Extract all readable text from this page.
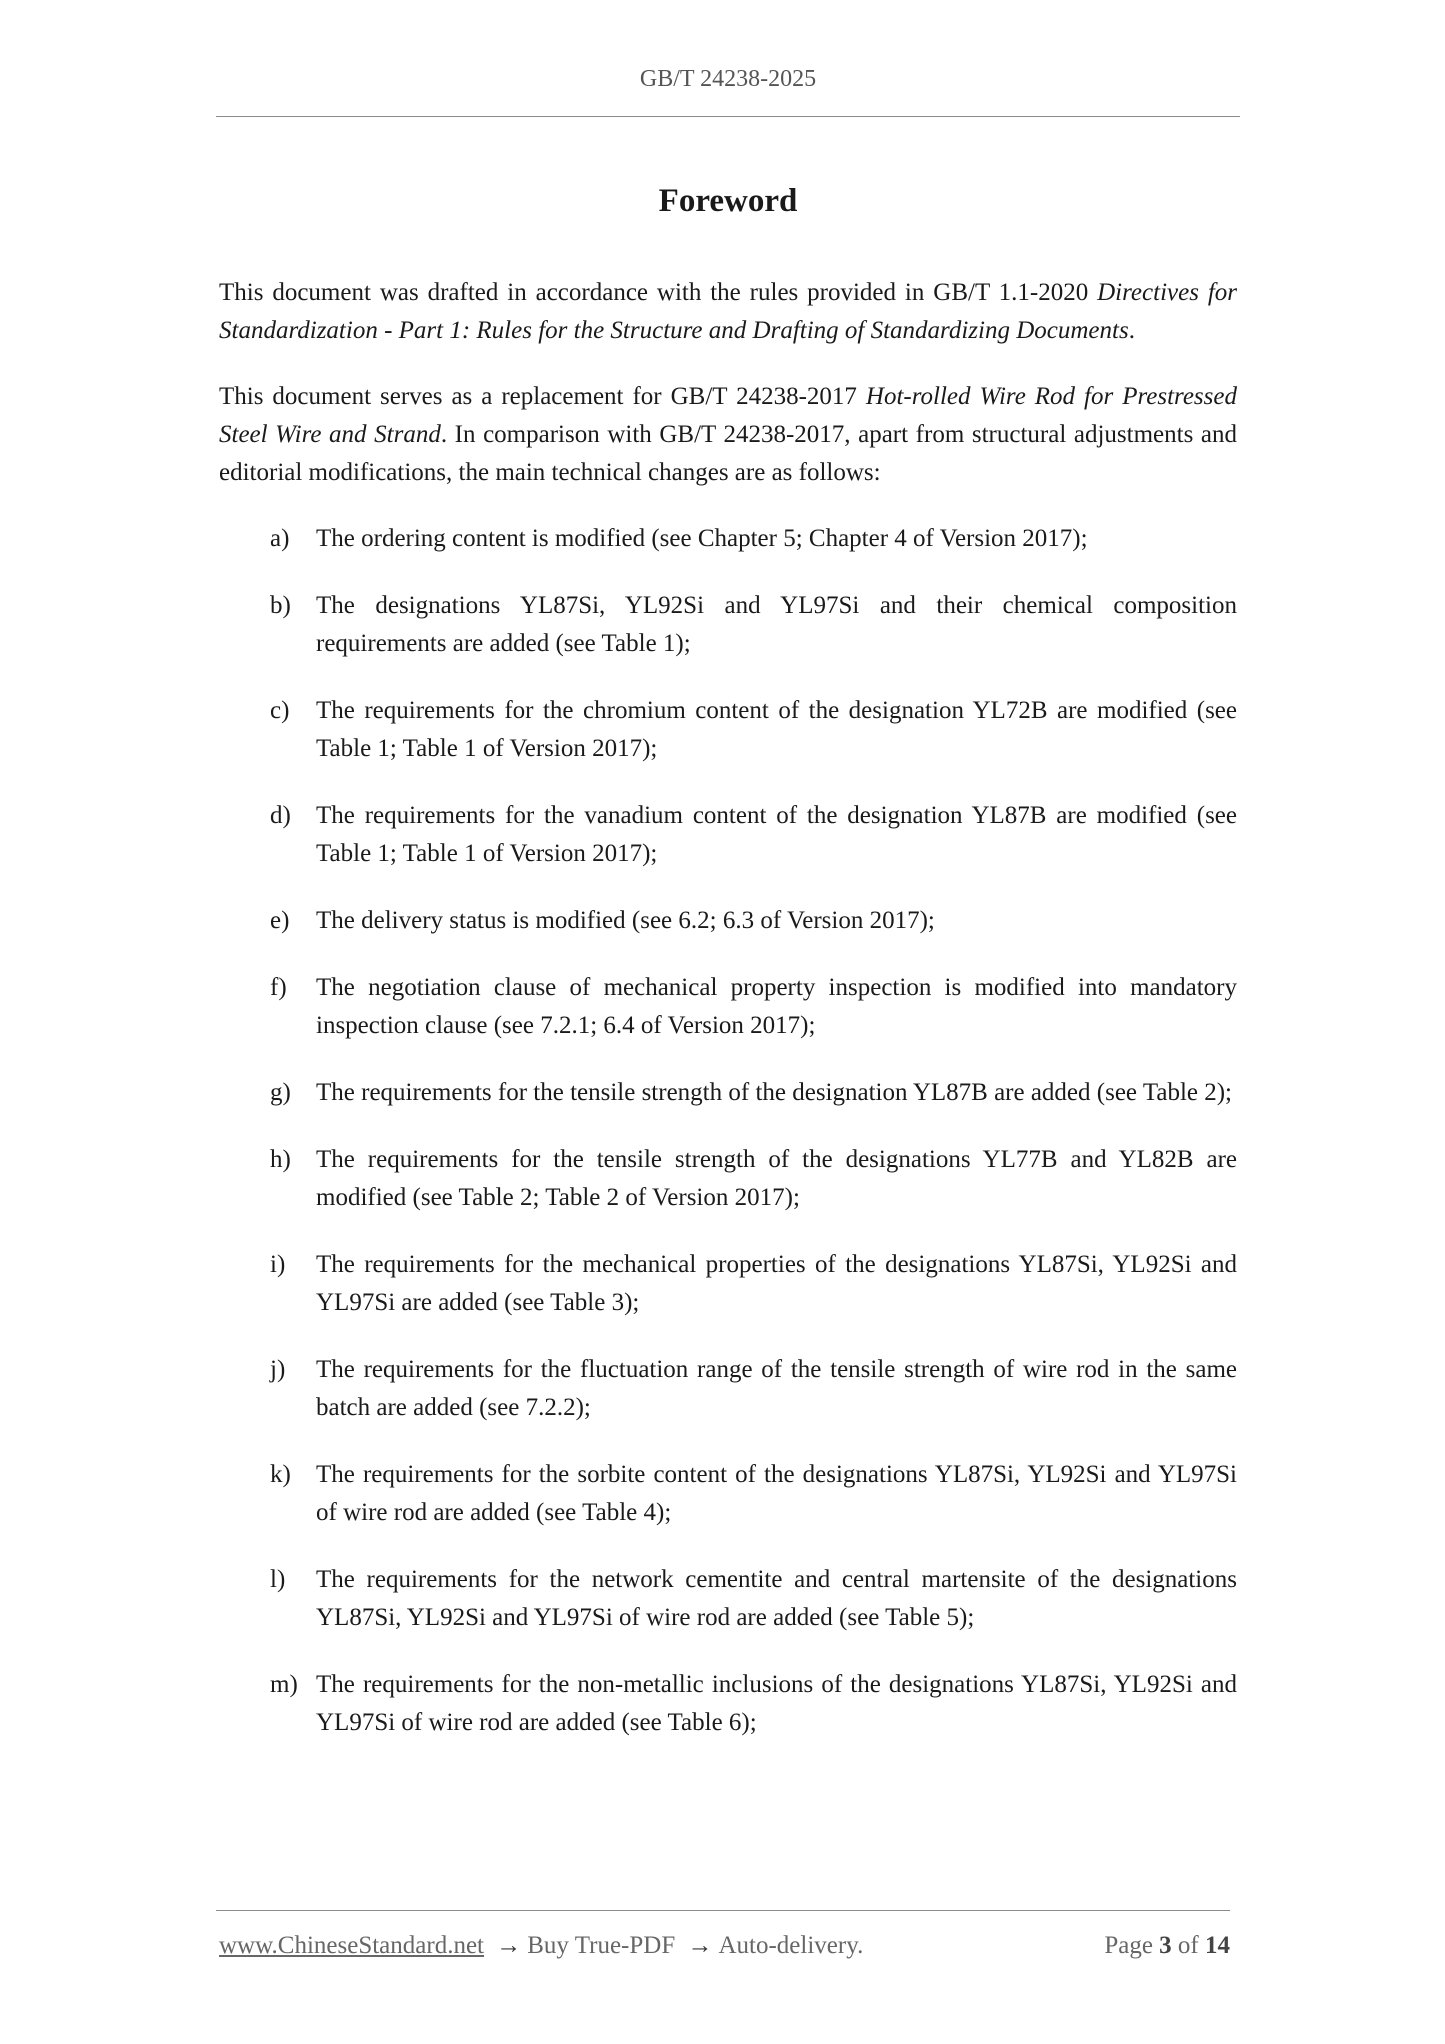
GB/T 24238-2025
Foreword

This document was drafted in accordance with the rules provided in GB/T 1.1-2020 Directives for Standardization - Part 1: Rules for the Structure and Drafting of Standardizing Documents.

This document serves as a replacement for GB/T 24238-2017 Hot-rolled Wire Rod for Prestressed Steel Wire and Strand. In comparison with GB/T 24238-2017, apart from structural adjustments and editorial modifications, the main technical changes are as follows:

a) The ordering content is modified (see Chapter 5; Chapter 4 of Version 2017);
b) The designations YL87Si, YL92Si and YL97Si and their chemical composition requirements are added (see Table 1);
c) The requirements for the chromium content of the designation YL72B are modified (see Table 1; Table 1 of Version 2017);
d) The requirements for the vanadium content of the designation YL87B are modified (see Table 1; Table 1 of Version 2017);
e) The delivery status is modified (see 6.2; 6.3 of Version 2017);
f) The negotiation clause of mechanical property inspection is modified into mandatory inspection clause (see 7.2.1; 6.4 of Version 2017);
g) The requirements for the tensile strength of the designation YL87B are added (see Table 2);
h) The requirements for the tensile strength of the designations YL77B and YL82B are modified (see Table 2; Table 2 of Version 2017);
i) The requirements for the mechanical properties of the designations YL87Si, YL92Si and YL97Si are added (see Table 3);
j) The requirements for the fluctuation range of the tensile strength of wire rod in the same batch are added (see 7.2.2);
k) The requirements for the sorbite content of the designations YL87Si, YL92Si and YL97Si of wire rod are added (see Table 4);
l) The requirements for the network cementite and central martensite of the designations YL87Si, YL92Si and YL97Si of wire rod are added (see Table 5);
m) The requirements for the non-metallic inclusions of the designations YL87Si, YL92Si and YL97Si of wire rod are added (see Table 6);
www.ChineseStandard.net → Buy True-PDF → Auto-delivery.	Page 3 of 14
